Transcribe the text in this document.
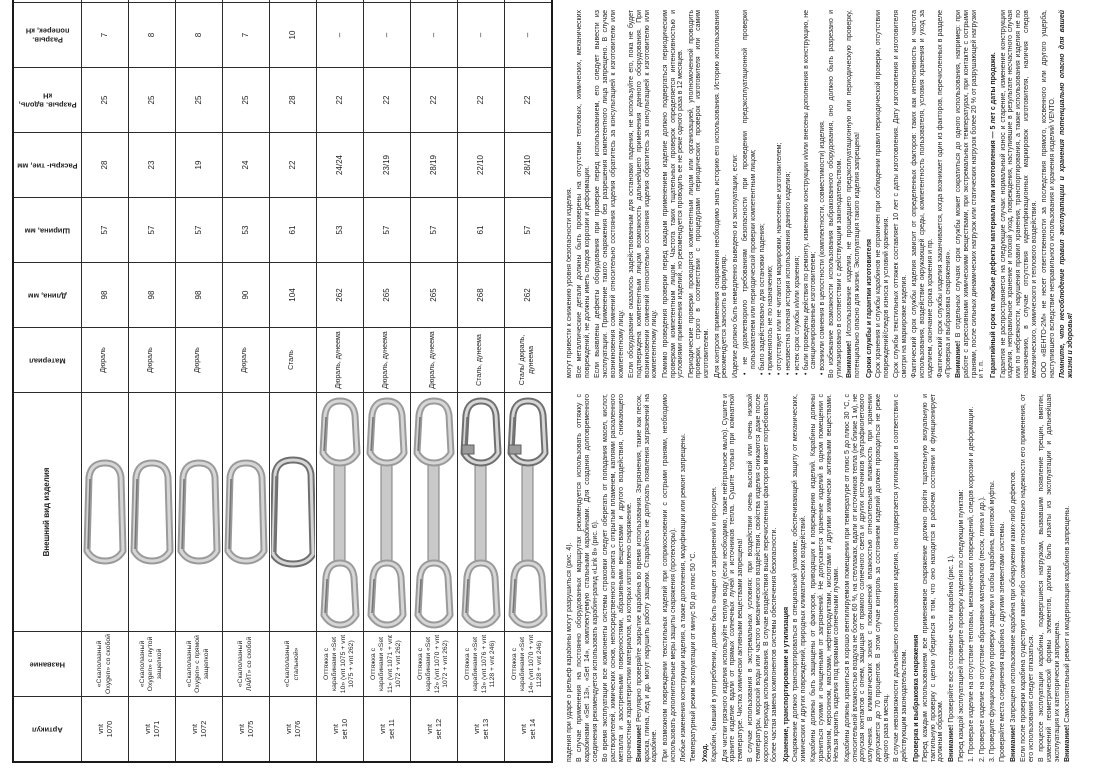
Артикул	Название	Внешний вид изделия	Материал	Длина, мм	Ширина, мм	Раскры- тие, мм	Разрыв. вдоль, кН	Разрыв. поперек, кН		
vnt
1070	«Скалолазный Oxygen» со скобой		Дюраль	98	57	28	25	7		
vnt
1071	«Скалолазный Oxygen» с гнутой защелкой		Дюраль	98	57	23	25	8		
vnt
1072	«Скалолазный Oxygen» с прямой защелкой		Дюраль	98	57	19	25	8		
vnt
1075	«Скалолазный ЛАЙТ» со скобой		Дюраль	90	53	24	25	7		
vnt
1076	«Скалолазный стальной»		Сталь	104	61	22	28	10		
vnt
set 10	Оттяжка с карабинами «Set 10» (vnt 1075 + vnt 1075 + vnt 262)		Дюраль, дунеема	262	53	24/24	22	–		
vnt
set 11	Оттяжка с карабинами «Set 11» (vnt 1071 + vnt 1072 + vnt 262)		Дюраль, дунеема	265	57	23/19	22	–		
vnt
set 12	Оттяжка с карабинами «Set 12» (vnt 1070 + vnt 1072 + vnt 262)		Дюраль, дунеема	265	57	28/19	22	–		
vnt
set 13	Оттяжка с карабинами «Set 13» (vnt 1076 + vnt 1128 + vnt 246)		Сталь, дунеема	268	61	22/10	22	–		
vnt
set 14	Оттяжка с карабинами «Set 14» (vnt 1070 + vnt 1128 + vnt 246)		Сталь/ дюраль, дунеема	262	57	28/10	22	–		
падения при ударе о рельеф карабины могут разрушиться (рис. 4). В случае применения на постоянно оборудованных маршрутах рекомендуется использовать оттяжку с карабинами «Set 13», «Set 14», комплектуемую стальными карабинами. Для создания долговременного соединения рекомендуется использовать карабин-рапид «Link 8» (рис. 6). Во время эксплуатации все компоненты системы страховки следует оберегать от попадания масел, кислот, растворителей, химических основ, непосредственного контакта с открытым пламенем, каплями раскаленного металла и заостренными поверхностями, абразивными веществами и другого воздействия, снижающего прочностные характеристики материалов, из которых изготовлено снаряжение. Внимание! Регулярно проверяйте закрытие карабина во время использования. Загрязнения, такие как песок, краска, глина, лед и др. могут нарушить работу защелки. Старайтесь не допускать появления загрязнений на карабине. При возможном повреждении текстильных изделий при соприкосновении с острыми гранями, необходимо использовать дополнительные меры защиты снаряжения (протекторы). Любые изменения конструкции изделия, а также дополнения, модификации или ремонт запрещены. Температурный режим эксплуатации от минус 50 до плюс 50 °С. Уход. Карабин, бывший в употреблении, должен быть очищен от загрязнений и просушен. Для чистки грязного изделия используйте теплую воду (если необходимо, также нейтральное мыло). Сушите и храните изделие вдали от прямых солнечных лучей и источников тепла. Сушите только при комнатной температуре. Чистка химически активными веществами запрещена! В случае использования в экстремальных условиях: при воздействии очень высокой или очень низкой температуры, морской воды или частого механического воздействия, свойства изделия снижаются даже после короткого периода использования. В случае воздействия выше перечисленных факторов может потребоваться более частая замена компонентов системы обеспечения безопасности. Хранение, транспортирование и утилизация Снаряжение должно транспортироваться в специальной упаковке, обеспечивающей защиту от механических, химических и других повреждений, природных климатических воздействий. Карабины должны быть защищены от факторов, приводящих к повреждению изделий. Карабины должны храниться сухими и очищенными от загрязнений. Не допускается хранение изделий в одном помещении с бензином, керосином, маслами, нефтепродуктами, кислотами и другими химически активными веществами. Нельзя хранить изделия под прямыми солнечными лучами. Карабины должны храниться в хорошо вентилируемом помещении при температуре от плюс 5 до плюс 30 °С, с относительной влажностью воздуха не более 60 %, на стеллажах, вдали от источников тепла (не ближе 1 м), не допуская контактов с огнем, защищая от прямого солнечного света и других источников ультрафиолетового излучения. В климатических зонах с повышенной влажностью относительная влажность при хранении допускается до 70 процентов. В этом случае контроль за состоянием изделий должен проводиться не реже одного раза в месяц. В случае невозможности дальнейшего использования изделия, оно подвергается утилизации в соответствии с действующим законодательством. Проверка и выбраковка снаряжения Перед каждым использованием все применяемое снаряжение должно пройти тщательную визуальную и тактильную проверку с целью убедиться в том, что оно находится в рабочем состоянии и функционирует должным образом. Внимание! Проверяйте все составные части карабина (рис. 1). Перед каждой эксплуатацией проведите проверку изделия по следующим пунктам: 1. Проверьте изделие на отсутствие тепловых, механических повреждений, следов коррозии и деформации. 2. Проверьте изделие на отсутствие абразивных материалов (песок, глина и др.). 3. Проведите функциональную проверку защелки и скобы карабина, винтовой муфты. Проверяйте места соединения карабина с другими элементами системы. Внимание! Запрещено использование карабина при обнаружении каких-либо дефектов. Если после проверки карабина существуют какие-либо сомнения относительно надежности его применения, от его использования следует отказаться. В процессе эксплуатации карабины, подвергшиеся нагрузкам, вызвавшим появление трещин, вмятин, изменений геометрической формы элементов, должны быть изъяты из эксплуатации и дальнейшая эксплуатация их категорически запрещена. Внимание! Самостоятельный ремонт и модернизация карабинов запрещены.
могут привести к снижению уровня безопасности изделия. Все металлические детали должны быть проверены на отсутствие тепловых, химических, механических повреждений, не должны иметь следов коррозии и деформации. Если выявлены дефекты оборудования при проверке перед использованием, его следует вывести из эксплуатации. Применение такого снаряжения без разрешения компетентного лица запрещено. В случае возникновения сомнений относительно состояния изделия обратитесь за консультацией к изготовителю или компетентному лицу. Если оборудование оказалось задействованным для остановки падения, не используйте его, пока не будет подтверждена компетентным лицом возможность дальнейшего применения данного оборудования. При возникновении сомнений относительно состояния изделия обратитесь за консультацией к изготовителю или компетентному лицу. Помимо проведения проверки перед каждым применением изделие должно подвергаться периодическим проверкам компетентным лицом. Частота таких тщательных проверок определяется интенсивностью и условиями применения изделий, но рекомендуется проводить ее не реже одного раза в 12 месяцев. Периодические проверки проводятся компетентным лицом или организацией, уполномоченной проводить проверки, строго в соответствии с процедурами периодических проверок изготовителя или самим изготовителем. Для контроля применения снаряжения необходимо знать историю его использования. Историю использования рекомендуется заносить в формуляр. Изделие должно быть немедленно выведено из эксплуатации, если: • не удовлетворило требованиям безопасности при проведении предэксплуатационной проверки пользователем или периодической проверки компетентным лицом; • было задействовано для остановки падения; • применялось не по назначению; • отсутствует или не читаются маркировки, нанесенные изготовителем; • неизвестна полная история использования данного изделия; • истек срок службы и/или хранения; • были проведены действия по ремонту, изменению конструкции и/или внесены дополнения в конструкцию, не санкционированные изготовителем; • возникли сомнения в целостности (комплектности, совместимости) изделия. Во избежание возможности использования выбракованного оборудования, оно должно быть разрезано и утилизировано в соответствии с действующим законодательством. Внимание! Использование изделия, не прошедшего предэксплуатационную или периодическую проверку, потенциально опасно для жизни. Эксплуатация такого изделия запрещена! Сроки службы и гарантии изготовителя Срок хранения и службы карабинов не ограничен при соблюдении правил периодической проверки, отсутствии повреждений/следов износа и условий хранения. Срок службы текстильных оттяжек составляет 10 лет с даты изготовления. Дату изготовления и изготовителя смотри на маркировке изделия. Фактический срок службы изделия зависит от определенных факторов: таких как интенсивность и частота использования, воздействие окружающей среды, компетентность пользователя, условия хранения и уход за изделием, окончание срока хранения и пр. Фактический срок службы изделия заканчивается, когда возникает один из факторов, перечисленных в разделе «Проверка и выбраковка снаряжения». Внимание! В отдельных случаях срок службы может сократиться до одного использования, например: при работе с агрессивными химическими веществами, при экстремальных температурах, при контакте с острыми гранями, после сильных динамических нагрузок или статических нагрузок более 20 % от разрушающей нагрузки и т. п. Гарантийный срок на любые дефекты материала или изготовления — 5 лет с даты продажи. Гарантия не распространяется на следующие случаи: нормальный износ и старение, изменение конструкции изделия, неправильное хранение и плохой уход, повреждения, наступившие в результате несчастного случая или по небрежности, нарушения правил хранения, транспортирования, а также использования изделия не по назначению, в случае отсутствия идентификационных маркировок изготовителя, наличия следов механического, химического и теплового воздействия. ООО «ВЕНТО-2М» не несет ответственности за последствия прямого, косвенного или другого ущерба, наступившего вследствие неправильного использования и хранения изделий VENTO. Помните, что несоблюдение правил эксплуатации и хранения потенциально опасно для вашей жизни и здоровья!
